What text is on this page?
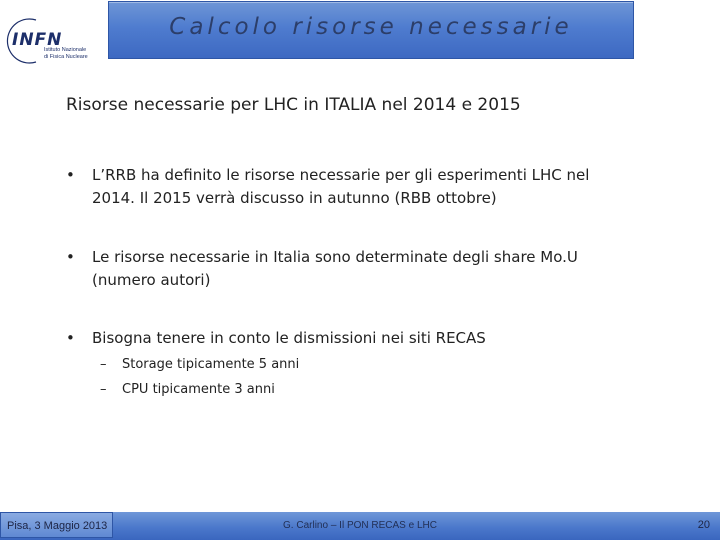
INFN
Istituto Nazionale
di Fisica Nucleare
Calcolo risorse necessarie
Risorse necessarie per LHC in ITALIA nel 2014 e 2015
• L’RRB ha definito le risorse necessarie per gli esperimenti LHC nel
2014. Il 2015 verrà discusso in autunno (RBB ottobre)
• Le risorse necessarie in Italia sono determinate degli share Mo.U
(numero autori)
• Bisogna tenere in conto le dismissioni nei siti RECAS
– Storage tipicamente 5 anni
– CPU tipicamente 3 anni
Pisa, 3 Maggio 2013	G. Carlino – Il PON RECAS e LHC	20
